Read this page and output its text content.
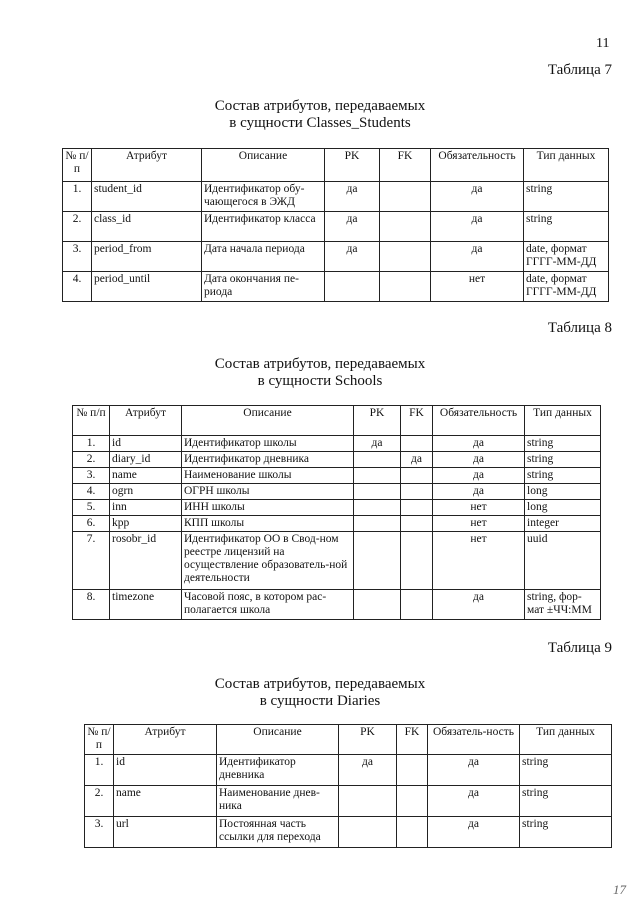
11
Таблица 7
Состав атрибутов, передаваемых
в сущности Classes_Students
№ п/п	Атрибут	Описание	PK	FK	Обязательность	Тип данных
1.	student_id	Идентификатор обу-чающегося в ЭЖД	да		да	string
2.	class_id	Идентификатор класса	да		да	string
3.	period_from	Дата начала периода	да		да	date, формат ГГГГ-ММ-ДД
4.	period_until	Дата окончания пе-риода			нет	date, формат ГГГГ-ММ-ДД
Таблица 8
Состав атрибутов, передаваемых
в сущности Schools
№ п/п	Атрибут	Описание	PK	FK	Обязательность	Тип данных
1.	id	Идентификатор школы	да		да	string
2.	diary_id	Идентификатор дневника		да	да	string
3.	name	Наименование школы			да	string
4.	ogrn	ОГРН школы			да	long
5.	inn	ИНН школы			нет	long
6.	kpp	КПП школы			нет	integer
7.	rosobr_id	Идентификатор ОО в Свод-ном реестре лицензий на осуществление образователь-ной деятельности			нет	uuid
8.	timezone	Часовой пояс, в котором рас-полагается школа			да	string, фор-мат ±ЧЧ:ММ
Таблица 9
Состав атрибутов, передаваемых
в сущности Diaries
№ п/п	Атрибут	Описание	PK	FK	Обязатель-ность	Тип данных
1.	id	Идентификатор дневника	да		да	string
2.	name	Наименование днев-ника			да	string
3.	url	Постоянная часть ссылки для перехода			да	string
17
